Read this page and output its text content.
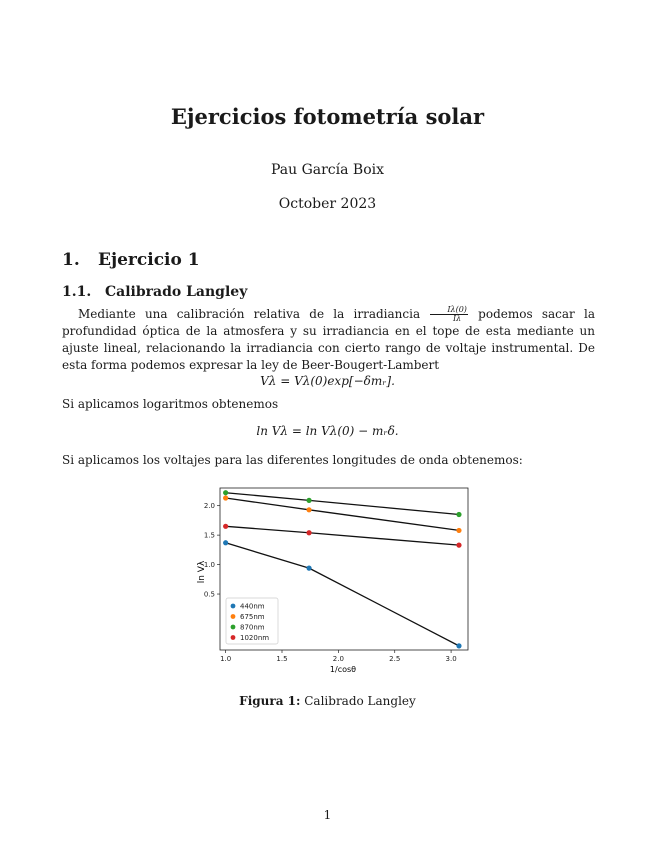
Ejercicios fotometría solar
Pau García Boix
October 2023
1. Ejercicio 1
1.1. Calibrado Langley
Mediante una calibración relativa de la irradiancia $\frac{I\lambda(0)}{I\lambda}$ podemos sacar la profundidad óptica de la atmosfera y su irradiancia en el tope de esta mediante un ajuste lineal, relacionando la irradiancia con cierto rango de voltaje instrumental. De esta forma podemos expresar la ley de Beer-Bougert-Lambert
Vλ = Vλ(0)exp[−δmᵣ].
Si aplicamos logaritmos obtenemos
ln Vλ = ln Vλ(0) − mᵣδ.
Si aplicamos los voltajes para las diferentes longitudes de onda obtenemos:
1.0	1.5	2.0	2.5	3.0
0.5
1.0
1.5
2.0
440nm
675nm
870nm
1020nm
ln Vλ
1/cosθ
Figura 1: Calibrado Langley
1
